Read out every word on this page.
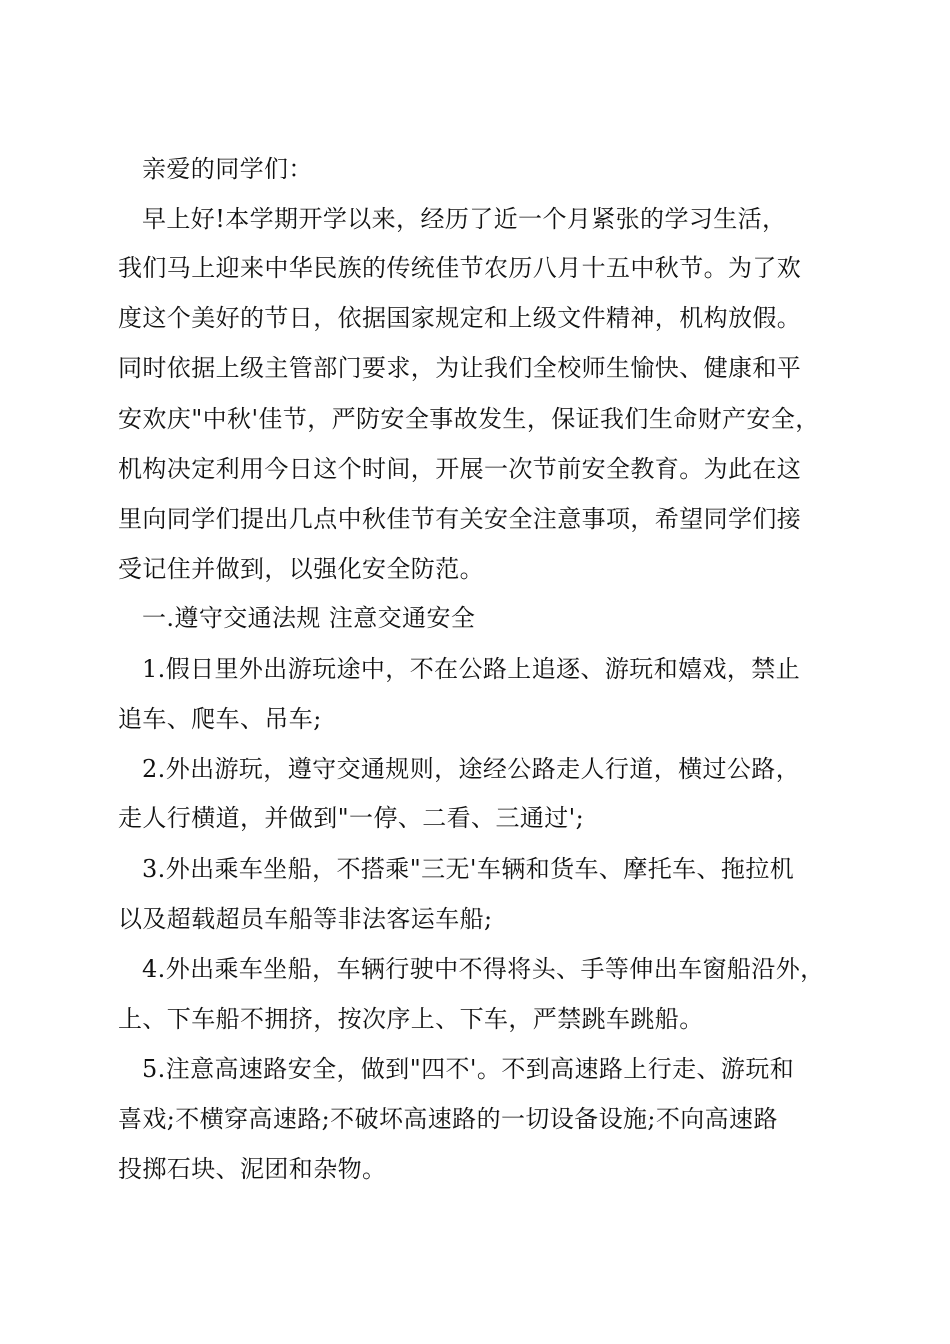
亲爱的同学们：
早上好!本学期开学以来，经历了近一个月紧张的学习生活，
我们马上迎来中华民族的传统佳节农历八月十五中秋节。为了欢
度这个美好的节日，依据国家规定和上级文件精神，机构放假。
同时依据上级主管部门要求，为让我们全校师生愉快、健康和平
安欢庆"中秋'佳节，严防安全事故发生，保证我们生命财产安全，
机构决定利用今日这个时间，开展一次节前安全教育。为此在这
里向同学们提出几点中秋佳节有关安全注意事项，希望同学们接
受记住并做到，以强化安全防范。
一.遵守交通法规 注意交通安全
1.假日里外出游玩途中，不在公路上追逐、游玩和嬉戏，禁止
追车、爬车、吊车;
2.外出游玩，遵守交通规则，途经公路走人行道，横过公路，
走人行横道，并做到"一停、二看、三通过';
3.外出乘车坐船，不搭乘"三无'车辆和货车、摩托车、拖拉机
以及超载超员车船等非法客运车船;
4.外出乘车坐船，车辆行驶中不得将头、手等伸出车窗船沿外，
上、下车船不拥挤，按次序上、下车，严禁跳车跳船。
5.注意高速路安全，做到"四不'。不到高速路上行走、游玩和
喜戏;不横穿高速路;不破坏高速路的一切设备设施;不向高速路
投掷石块、泥团和杂物。
